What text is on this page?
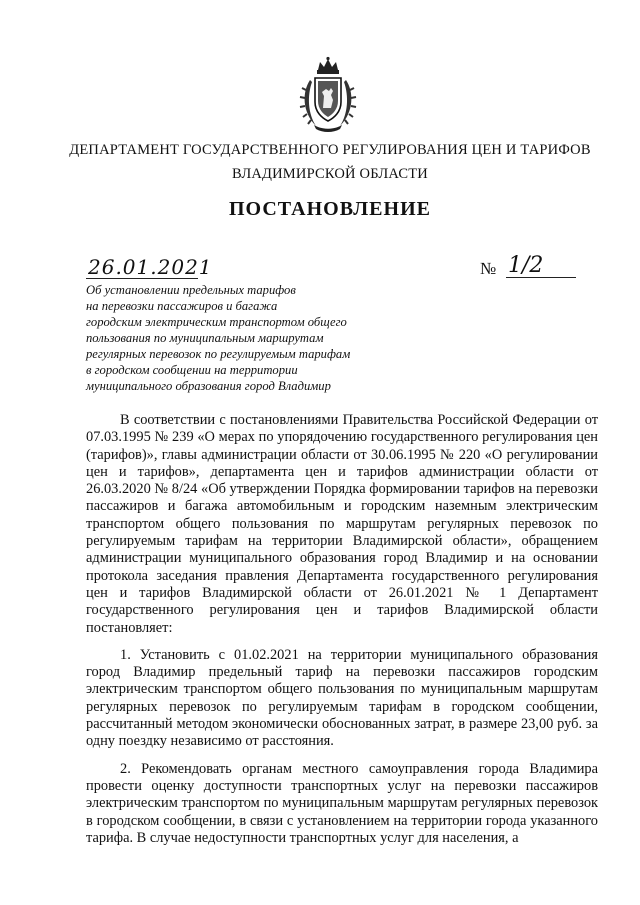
ДЕПАРТАМЕНТ ГОСУДАРСТВЕННОГО РЕГУЛИРОВАНИЯ ЦЕН И ТАРИФОВ
ВЛАДИМИРСКОЙ ОБЛАСТИ
ПОСТАНОВЛЕНИЕ
26.01.2021	№ 1/2
Об установлении предельных тарифов
на перевозки пассажиров и багажа
городским электрическим транспортом общего
пользования по муниципальным маршрутам
регулярных перевозок по регулируемым тарифам
в городском сообщении на территории
муниципального образования город Владимир

В соответствии с постановлениями Правительства Российской Федерации от 07.03.1995 № 239 «О мерах по упорядочению государственного регулирования цен (тарифов)», главы администрации области от 30.06.1995 № 220 «О регулировании цен и тарифов», департамента цен и тарифов администрации области от 26.03.2020 № 8/24 «Об утверждении Порядка формировании тарифов на перевозки пассажиров и багажа автомобильным и городским наземным электрическим транспортом общего пользования по маршрутам регулярных перевозок по регулируемым тарифам на территории Владимирской области», обращением администрации муниципального образования город Владимир и на основании протокола заседания правления Департамента государственного регулирования цен и тарифов Владимирской области от 26.01.2021 № 1 Департамент государственного регулирования цен и тарифов Владимирской области постановляет:

1. Установить с 01.02.2021 на территории муниципального образования город Владимир предельный тариф на перевозки пассажиров городским электрическим транспортом общего пользования по муниципальным маршрутам регулярных перевозок по регулируемым тарифам в городском сообщении, рассчитанный методом экономически обоснованных затрат, в размере 23,00 руб. за одну поездку независимо от расстояния.

2. Рекомендовать органам местного самоуправления города Владимира провести оценку доступности транспортных услуг на перевозки пассажиров электрическим транспортом по муниципальным маршрутам регулярных перевозок в городском сообщении, в связи с установлением на территории города указанного тарифа. В случае недоступности транспортных услуг для населения, а
